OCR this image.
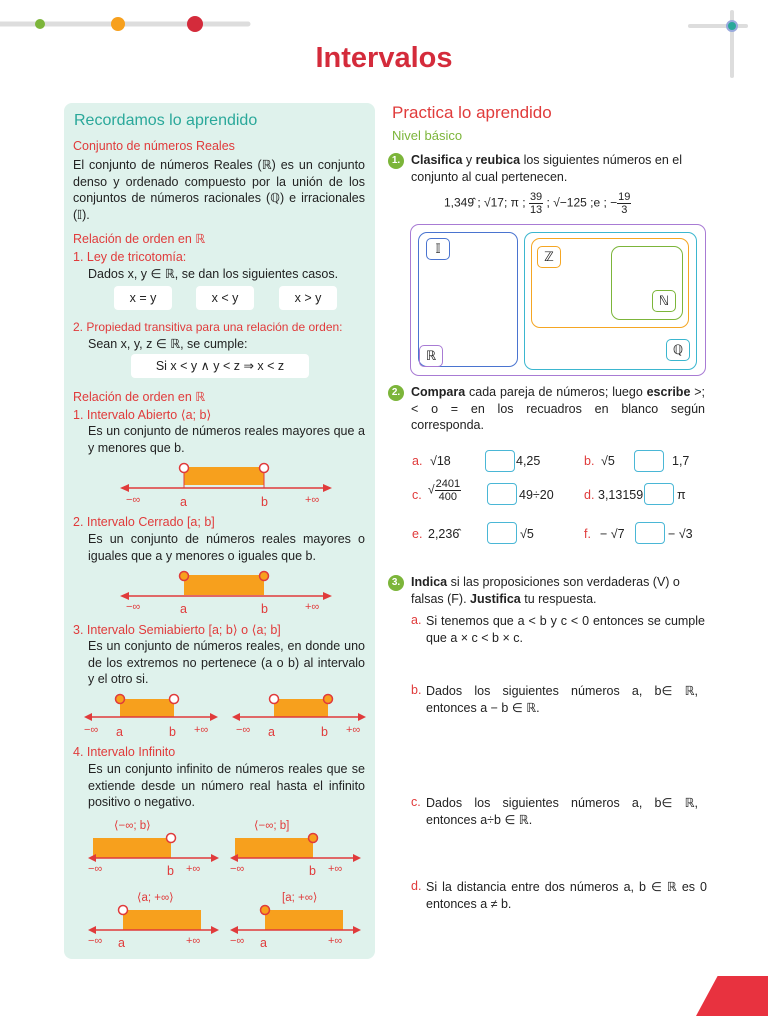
Intervalos
Recordamos lo aprendido
Conjunto de números Reales
El conjunto de números Reales (ℝ) es un conjunto denso y ordenado compuesto por la unión de los conjuntos de números racionales (ℚ) e irracionales (𝕀).
Relación de orden en ℝ
1. Ley de tricotomía:
Dados x, y ∈ ℝ, se dan los siguientes casos.
x = y	x < y	x > y
2. Propiedad transitiva para una relación de orden:
Sean x, y, z ∈ ℝ, se cumple:
Si x < y ∧ y < z ⇒ x < z
Relación de orden en ℝ
1. Intervalo Abierto ⟨a; b⟩
Es un conjunto de números reales mayores que a y menores que b.
−∞	a	b	+∞
2. Intervalo Cerrado [a; b]
Es un conjunto de números reales mayores o iguales que a y menores o iguales que b.
−∞	a	b	+∞
3. Intervalo Semiabierto [a; b⟩ o ⟨a; b]
Es un conjunto de números reales, en donde uno de los extremos no pertenece (a o b) al intervalo y el otro si.
−∞ a	b +∞	−∞ a	b +∞
4. Intervalo Infinito
Es un conjunto infinito de números reales que se extiende desde un número real hasta el infinito positivo o negativo.
⟨−∞; b⟩
−∞	b +∞
⟨−∞; b]
−∞	b +∞
⟨a; +∞⟩
−∞ a	+∞
[a; +∞⟩
−∞ a	+∞
Practica lo aprendido
Nivel básico
1. Clasifica y reubica los siguientes números en el conjunto al cual pertenecen.
1,349̂ ; √17; π ; $\frac{39}{13}$ ; √−125 ;e ; − $\frac{19}{3}$
𝕀
ℤ
ℕ
ℝ	ℚ
2. Compara cada pareja de números; luego escribe >; < o = en los recuadros en blanco según corresponda.
a. √18	4,25	b. √5	1,7
c. √ $\frac{2401}{400}$	49÷20 d. 3,13159	π
e. 2,236̂	√5	f. − √7	− √3
3. Indica si las proposiciones son verdaderas (V) o falsas (F). Justifica tu respuesta.
a. Si tenemos que a < b y c < 0 entonces se cumple que a × c < b × c.
b. Dados los siguientes números a, b∈ ℝ, entonces a − b ∈ ℝ.
c. Dados los siguientes números a, b∈ ℝ, entonces a÷b ∈ ℝ.
d. Si la distancia entre dos números a, b ∈ ℝ es 0 entonces a ≠ b.
